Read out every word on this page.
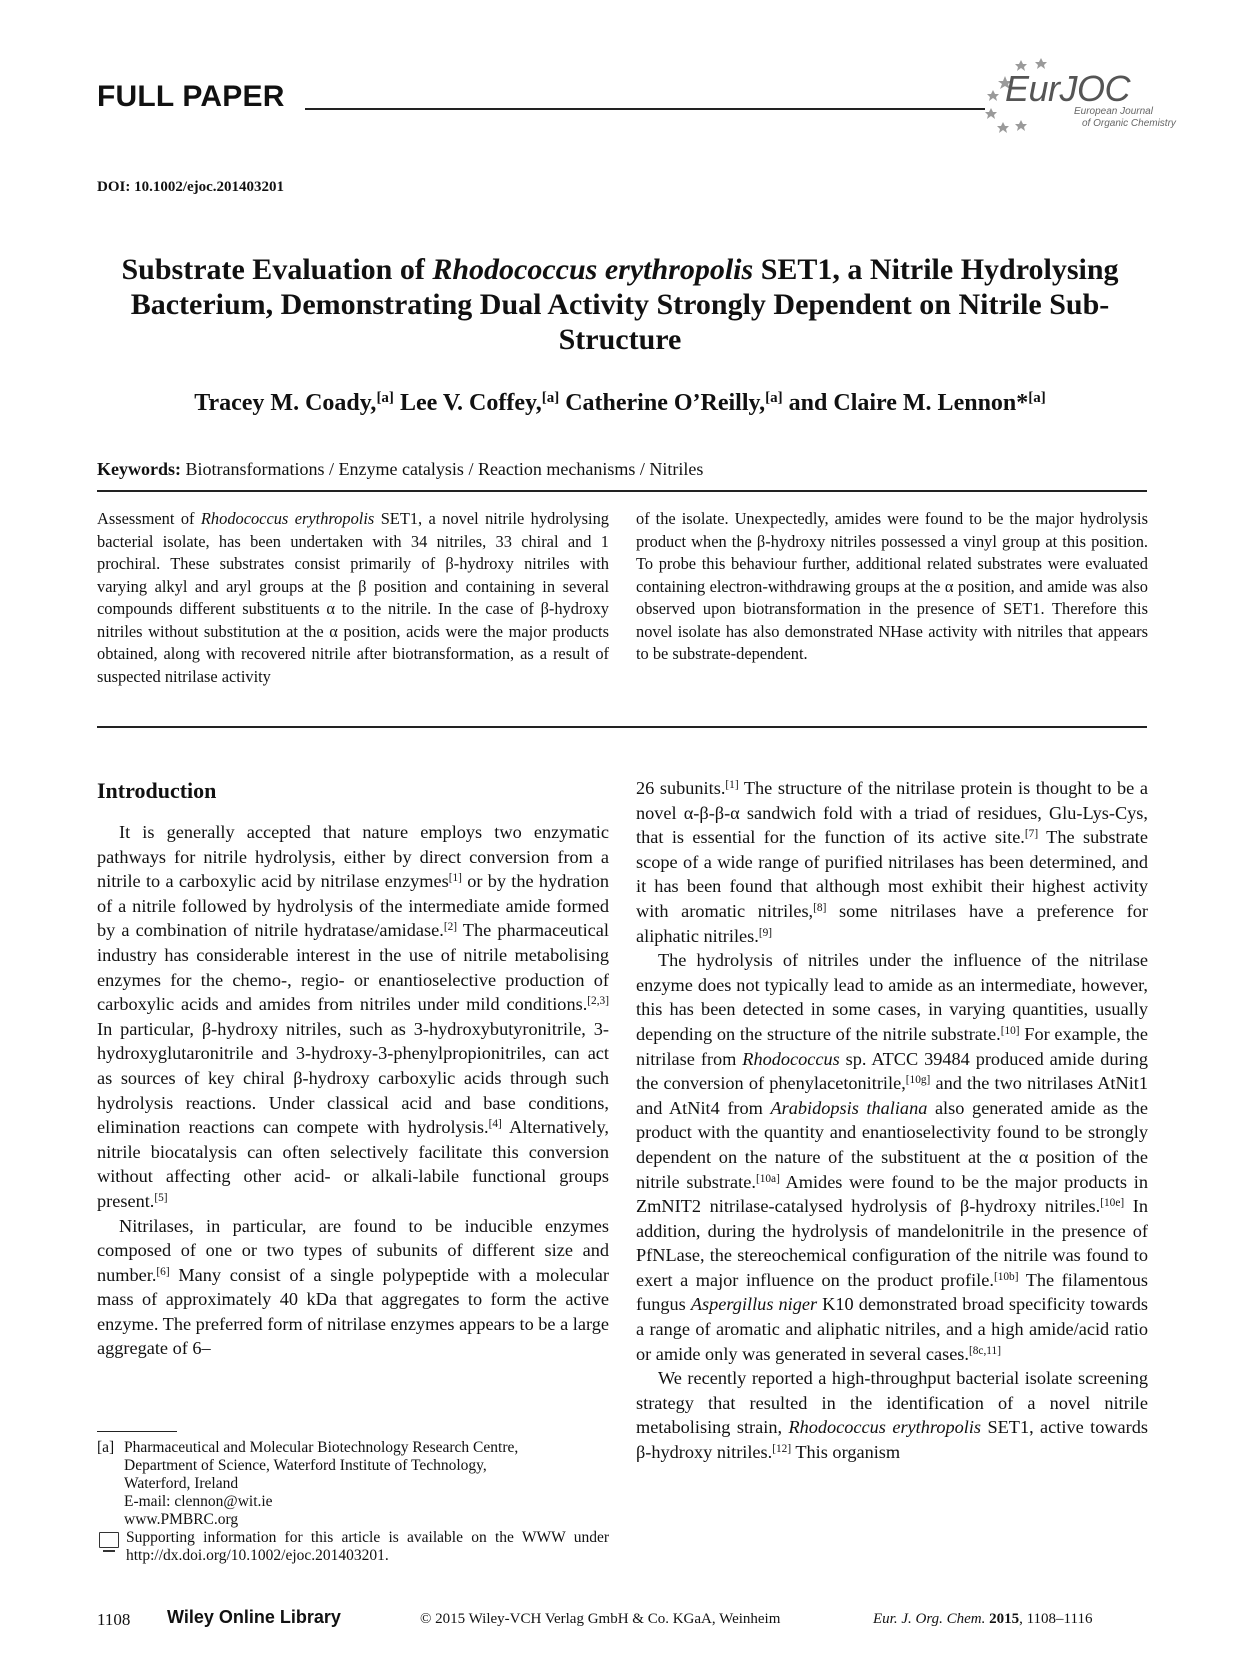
FULL PAPER	EurJOC
European Journal
of Organic Chemistry
DOI: 10.1002/ejoc.201403201
Substrate Evaluation of Rhodococcus erythropolis SET1, a Nitrile Hydrolysing Bacterium, Demonstrating Dual Activity Strongly Dependent on Nitrile Sub-Structure
Tracey M. Coady,[a] Lee V. Coffey,[a] Catherine O’Reilly,[a] and Claire M. Lennon*[a]
Keywords: Biotransformations / Enzyme catalysis / Reaction mechanisms / Nitriles

Assessment of Rhodococcus erythropolis SET1, a novel nitrile hydrolysing bacterial isolate, has been undertaken with 34 nitriles, 33 chiral and 1 prochiral. These substrates consist primarily of β-hydroxy nitriles with varying alkyl and aryl groups at the β position and containing in several compounds different substituents α to the nitrile. In the case of β-hydroxy nitriles without substitution at the α position, acids were the major products obtained, along with recovered nitrile after biotransformation, as a result of suspected nitrilase activity

of the isolate. Unexpectedly, amides were found to be the major hydrolysis product when the β-hydroxy nitriles possessed a vinyl group at this position. To probe this behaviour further, additional related substrates were evaluated containing electron-withdrawing groups at the α position, and amide was also observed upon biotransformation in the presence of SET1. Therefore this novel isolate has also demonstrated NHase activity with nitriles that appears to be substrate-dependent.

Introduction

It is generally accepted that nature employs two enzymatic pathways for nitrile hydrolysis, either by direct conversion from a nitrile to a carboxylic acid by nitrilase enzymes[1] or by the hydration of a nitrile followed by hydrolysis of the intermediate amide formed by a combination of nitrile hydratase/amidase.[2] The pharmaceutical industry has considerable interest in the use of nitrile metabolising enzymes for the chemo-, regio- or enantioselective production of carboxylic acids and amides from nitriles under mild conditions.[2,3] In particular, β-hydroxy nitriles, such as 3-hydroxybutyronitrile, 3-hydroxyglutaronitrile and 3-hydroxy-3-phenylpropionitriles, can act as sources of key chiral β-hydroxy carboxylic acids through such hydrolysis reactions. Under classical acid and base conditions, elimination reactions can compete with hydrolysis.[4] Alternatively, nitrile biocatalysis can often selectively facilitate this conversion without affecting other acid- or alkali-labile functional groups present.[5]

Nitrilases, in particular, are found to be inducible enzymes composed of one or two types of subunits of different size and number.[6] Many consist of a single polypeptide with a molecular mass of approximately 40 kDa that aggregates to form the active enzyme. The preferred form of nitrilase enzymes appears to be a large aggregate of 6–

[a] Pharmaceutical and Molecular Biotechnology Research Centre,
Department of Science, Waterford Institute of Technology,
Waterford, Ireland
E-mail: clennon@wit.ie
www.PMBRC.org
Supporting information for this article is available on the WWW under http://dx.doi.org/10.1002/ejoc.201403201.

26 subunits.[1] The structure of the nitrilase protein is thought to be a novel α-β-β-α sandwich fold with a triad of residues, Glu-Lys-Cys, that is essential for the function of its active site.[7] The substrate scope of a wide range of purified nitrilases has been determined, and it has been found that although most exhibit their highest activity with aromatic nitriles,[8] some nitrilases have a preference for aliphatic nitriles.[9]

The hydrolysis of nitriles under the influence of the nitrilase enzyme does not typically lead to amide as an intermediate, however, this has been detected in some cases, in varying quantities, usually depending on the structure of the nitrile substrate.[10] For example, the nitrilase from Rhodococcus sp. ATCC 39484 produced amide during the conversion of phenylacetonitrile,[10g] and the two nitrilases AtNit1 and AtNit4 from Arabidopsis thaliana also generated amide as the product with the quantity and enantioselectivity found to be strongly dependent on the nature of the substituent at the α position of the nitrile substrate.[10a] Amides were found to be the major products in ZmNIT2 nitrilase-catalysed hydrolysis of β-hydroxy nitriles.[10e] In addition, during the hydrolysis of mandelonitrile in the presence of PfNLase, the stereochemical configuration of the nitrile was found to exert a major influence on the product profile.[10b] The filamentous fungus Aspergillus niger K10 demonstrated broad specificity towards a range of aromatic and aliphatic nitriles, and a high amide/acid ratio or amide only was generated in several cases.[8c,11]

We recently reported a high-throughput bacterial isolate screening strategy that resulted in the identification of a novel nitrile metabolising strain, Rhodococcus erythropolis SET1, active towards β-hydroxy nitriles.[12] This organism

1108 Wiley Online Library	© 2015 Wiley-VCH Verlag GmbH & Co. KGaA, Weinheim	Eur. J. Org. Chem. 2015, 1108–1116
